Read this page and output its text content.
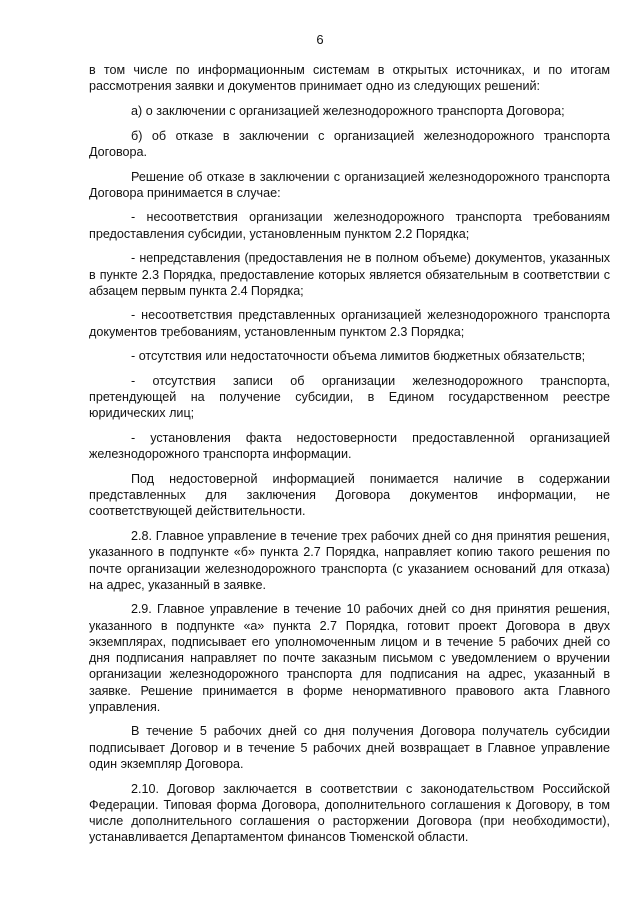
6

в том числе по информационным системам в открытых источниках, и по итогам рассмотрения заявки и документов принимает одно из следующих решений:

а) о заключении с организацией железнодорожного транспорта Договора;

б) об отказе в заключении с организацией железнодорожного транспорта Договора.

Решение об отказе в заключении с организацией железнодорожного транспорта Договора принимается в случае:

- несоответствия организации железнодорожного транспорта требованиям предоставления субсидии, установленным пунктом 2.2 Порядка;

- непредставления (предоставления не в полном объеме) документов, указанных в пункте 2.3 Порядка, предоставление которых является обязательным в соответствии с абзацем первым пункта 2.4 Порядка;

- несоответствия представленных организацией железнодорожного транспорта документов требованиям, установленным пунктом 2.3 Порядка;

- отсутствия или недостаточности объема лимитов бюджетных обязательств;

- отсутствия записи об организации железнодорожного транспорта, претендующей на получение субсидии, в Едином государственном реестре юридических лиц;

- установления факта недостоверности предоставленной организацией железнодорожного транспорта информации.

Под недостоверной информацией понимается наличие в содержании представленных для заключения Договора документов информации, не соответствующей действительности.

2.8. Главное управление в течение трех рабочих дней со дня принятия решения, указанного в подпункте «б» пункта 2.7 Порядка, направляет копию такого решения по почте организации железнодорожного транспорта (с указанием оснований для отказа) на адрес, указанный в заявке.

2.9. Главное управление в течение 10 рабочих дней со дня принятия решения, указанного в подпункте «а» пункта 2.7 Порядка, готовит проект Договора в двух экземплярах, подписывает его уполномоченным лицом и в течение 5 рабочих дней со дня подписания направляет по почте заказным письмом с уведомлением о вручении организации железнодорожного транспорта для подписания на адрес, указанный в заявке. Решение принимается в форме ненормативного правового акта Главного управления.

В течение 5 рабочих дней со дня получения Договора получатель субсидии подписывает Договор и в течение 5 рабочих дней возвращает в Главное управление один экземпляр Договора.

2.10. Договор заключается в соответствии с законодательством Российской Федерации. Типовая форма Договора, дополнительного соглашения к Договору, в том числе дополнительного соглашения о расторжении Договора (при необходимости), устанавливается Департаментом финансов Тюменской области.
